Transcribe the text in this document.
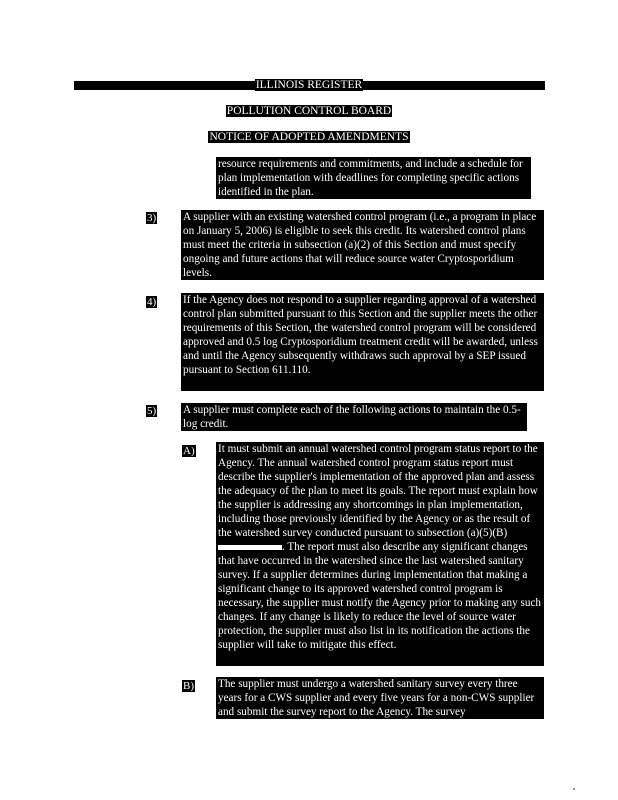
ILLINOIS REGISTER
POLLUTION CONTROL BOARD
NOTICE OF ADOPTED AMENDMENTS
resource requirements and commitments, and include a schedule for plan implementation with deadlines for completing specific actions identified in the plan.
3) A supplier with an existing watershed control program (i.e., a program in place on January 5, 2006) is eligible to seek this credit. Its watershed control plans must meet the criteria in subsection (a)(2) of this Section and must specify ongoing and future actions that will reduce source water Cryptosporidium levels.
4) If the Agency does not respond to a supplier regarding approval of a watershed control plan submitted pursuant to this Section and the supplier meets the other requirements of this Section, the watershed control program will be considered approved and 0.5 log Cryptosporidium treatment credit will be awarded, unless and until the Agency subsequently withdraws such approval by a SEP issued pursuant to Section 611.110.
5) A supplier must complete each of the following actions to maintain the 0.5-log credit.
A) It must submit an annual watershed control program status report to the Agency. The annual watershed control program status report must describe the supplier's implementation of the approved plan and assess the adequacy of the plan to meet its goals. The report must explain how the supplier is addressing any shortcomings in plan implementation, including those previously identified by the Agency or as the result of the watershed survey conducted pursuant to subsection (a)(5)(B) . The report must also describe any significant changes that have occurred in the watershed since the last watershed sanitary survey. If a supplier determines during implementation that making a significant change to its approved watershed control program is necessary, the supplier must notify the Agency prior to making any such changes. If any change is likely to reduce the level of source water protection, the supplier must also list in its notification the actions the supplier will take to mitigate this effect.
B) The supplier must undergo a watershed sanitary survey every three years for a CWS supplier and every five years for a non-CWS supplier and submit the survey report to the Agency. The survey
